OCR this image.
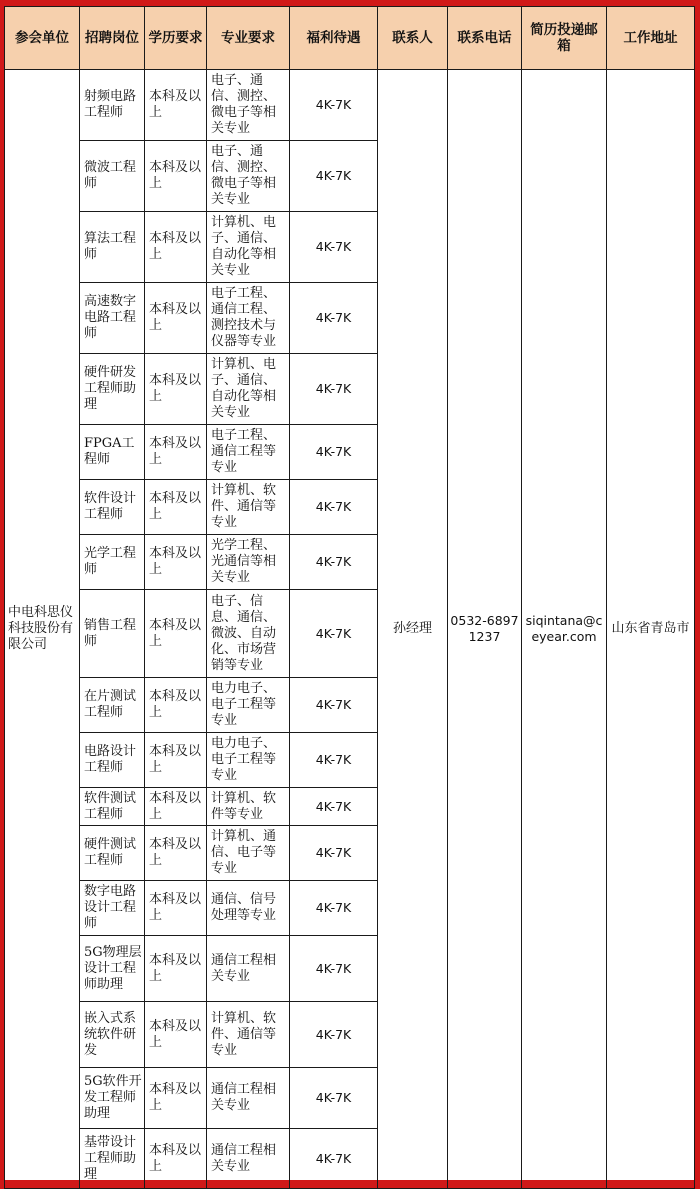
参会单位	招聘岗位	学历要求	专业要求	福利待遇	联系人	联系电话	简历投递邮箱	工作地址
中电科思仪科技股份有限公司	射频电路工程师	本科及以上	电子、通信、测控、微电子等相关专业	4K-7K	孙经理	0532-68971237	siqintana@ceyear.com	山东省青岛市
	微波工程师	本科及以上	电子、通信、测控、微电子等相关专业	4K-7K				
	算法工程师	本科及以上	计算机、电子、通信、自动化等相关专业	4K-7K				
	高速数字电路工程师	本科及以上	电子工程、通信工程、测控技术与仪器等专业	4K-7K				
	硬件研发工程师助理	本科及以上	计算机、电子、通信、自动化等相关专业	4K-7K				
	FPGA工程师	本科及以上	电子工程、通信工程等专业	4K-7K				
	软件设计工程师	本科及以上	计算机、软件、通信等专业	4K-7K				
	光学工程师	本科及以上	光学工程、光通信等相关专业	4K-7K				
	销售工程师	本科及以上	电子、信息、通信、微波、自动化、市场营销等专业	4K-7K				
	在片测试工程师	本科及以上	电力电子、电子工程等专业	4K-7K				
	电路设计工程师	本科及以上	电力电子、电子工程等专业	4K-7K				
	软件测试工程师	本科及以上	计算机、软件等专业	4K-7K				
	硬件测试工程师	本科及以上	计算机、通信、电子等专业	4K-7K				
	数字电路设计工程师	本科及以上	通信、信号处理等专业	4K-7K				
	5G物理层设计工程师助理	本科及以上	通信工程相关专业	4K-7K				
	嵌入式系统软件研发	本科及以上	计算机、软件、通信等专业	4K-7K				
	5G软件开发工程师助理	本科及以上	通信工程相关专业	4K-7K				
	基带设计工程师助理	本科及以上	通信工程相关专业	4K-7K				
